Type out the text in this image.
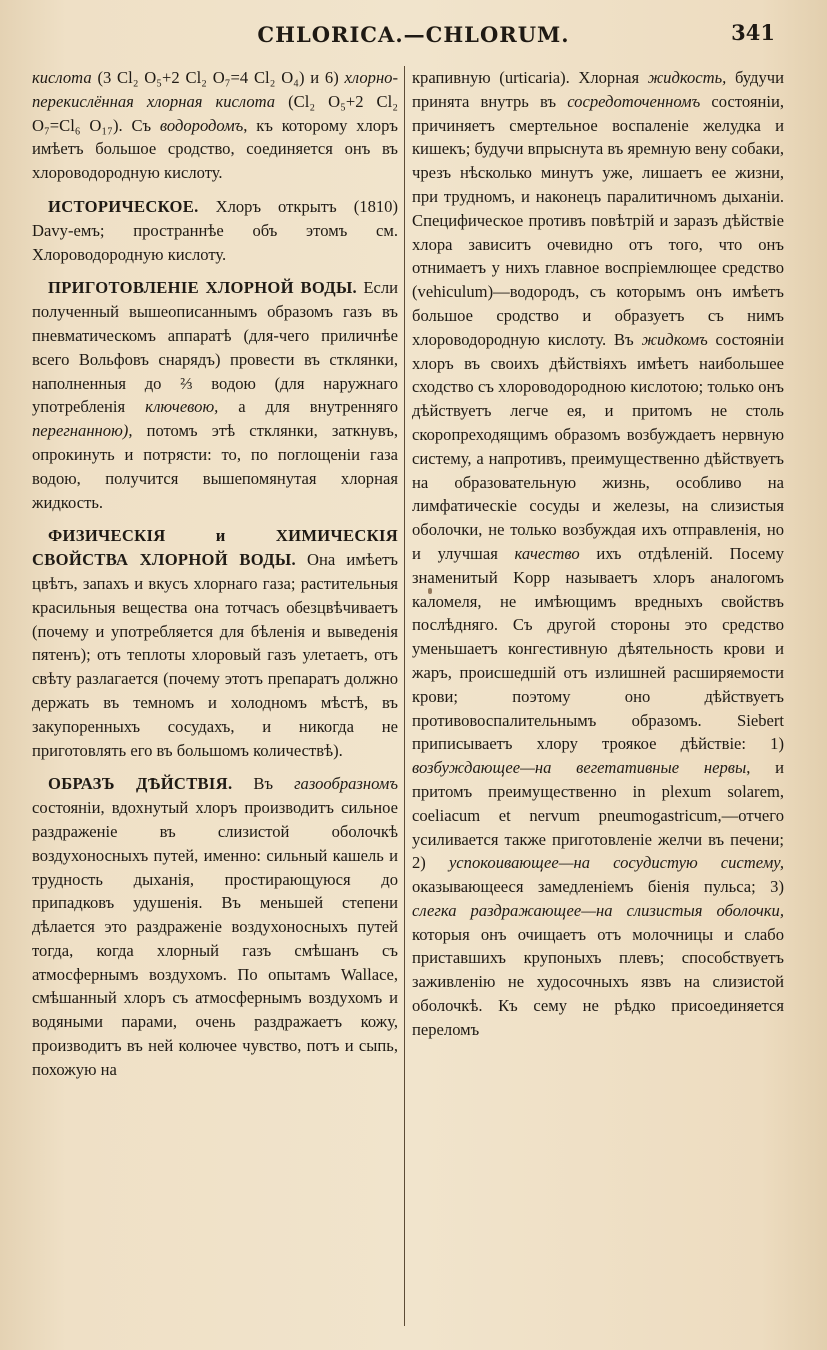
CHLORICA.—CHLORUM.	341

кислота (3 Cl₂ O₅+2 Cl₂ O₇=4 Cl₂ O₄) и 6) хлорно-перекислённая хлорная кислота (Cl₂ O₅+2 Cl₂ O₇=Cl₆ O₁₇). Съ водородомъ, къ которому хлоръ имѣетъ большое сродство, соединяется онъ въ хлороводородную кислоту.

ИСТОРИЧЕСКОЕ. Хлоръ открытъ (1810) Davy-емъ; пространнѣе объ этомъ см. Хлороводородную кислоту.

ПРИГОТОВЛЕНІЕ ХЛОРНОЙ ВОДЫ. Если полученный вышеописаннымъ образомъ газъ въ пневматическомъ аппаратѣ (для-чего приличнѣе всего Вольфовъ снарядъ) провести въ стклянки, наполненныя до ⅔ водою (для наружнаго употребленія ключевою, а для внутренняго перегнанною), потомъ этѣ стклянки, заткнувъ, опрокинуть и потрясти: то, по поглощеніи газа водою, получится вышепомянутая хлорная жидкость.

ФИЗИЧЕСКІЯ и ХИМИЧЕСКІЯ СВОЙСТВА ХЛОРНОЙ ВОДЫ. Она имѣетъ цвѣтъ, запахъ и вкусъ хлорнаго газа; растительныя красильныя вещества она тотчасъ обезцвѣчиваетъ (почему и употребляется для бѣленія и выведенія пятенъ); отъ теплоты хлоровый газъ улетаетъ, отъ свѣту разлагается (почему этотъ препаратъ должно держать въ темномъ и холодномъ мѣстѣ, въ закупоренныхъ сосудахъ, и никогда не приготовлять его въ большомъ количествѣ).

ОБРАЗЪ ДѢЙСТВІЯ. Въ газообразномъ состояніи, вдохнутый хлоръ производитъ сильное раздраженіе въ слизистой оболочкѣ воздухоносныхъ путей, именно: сильный кашель и трудность дыханія, простирающуюся до припадковъ удушенія. Въ меньшей степени дѣлается это раздраженіе воздухоносныхъ путей тогда, когда хлорный газъ смѣшанъ съ атмосфернымъ воздухомъ. По опытамъ Wallace, смѣшанный хлоръ съ атмосфернымъ воздухомъ и водяными парами, очень раздражаетъ кожу, производитъ въ ней колючее чувство, потъ и сыпь, похожую на

крапивную (urticaria). Хлорная жидкость, будучи принята внутрь въ сосредоточенномъ состояніи, причиняетъ смертельное воспаленіе желудка и кишекъ; будучи впрыснута въ яремную вену собаки, чрезъ нѣсколько минутъ уже, лишаетъ ее жизни, при трудномъ, и наконецъ паралитичномъ дыханіи. Специфическое противъ повѣтрій и заразъ дѣйствіе хлора зависитъ очевидно отъ того, что онъ отнимаетъ у нихъ главное воспріемлющее средство (vehiculum)—водородъ, съ которымъ онъ имѣетъ большое сродство и образуетъ съ нимъ хлороводородную кислоту. Въ жидкомъ состояніи хлоръ въ своихъ дѣйствіяхъ имѣетъ наибольшее сходство съ хлороводородною кислотою; только онъ дѣйствуетъ легче ея, и притомъ не столь скоропреходящимъ образомъ возбуждаетъ нервную систему, а напротивъ, преимущественно дѣйствуетъ на образовательную жизнь, особливо на лимфатическіе сосуды и железы, на слизистыя оболочки, не только возбуждая ихъ отправленія, но и улучшая качество ихъ отдѣленій. Посему знаменитый Kopp называетъ хлоръ аналогомъ каломеля, не имѣющимъ вредныхъ свойствъ послѣдняго. Съ другой стороны это средство уменьшаетъ конгестивную дѣятельность крови и жаръ, происшедшій отъ излишней расширяемости крови; поэтому оно дѣйствуетъ противовоспалительнымъ образомъ. Siebert приписываетъ хлору троякое дѣйствіе: 1) возбуждающее—на вегетативные нервы, и притомъ преимущественно in plexum solarem, coeliacum et nervum pneumogastricum,—отчего усиливается также приготовленіе желчи въ печени; 2) успокоивающее—на сосудистую систему, оказывающееся замедленіемъ біенія пульса; 3) слегка раздражающее—на слизистыя оболочки, которыя онъ очищаетъ отъ молочницы и слабо приставшихъ крупоныхъ плевъ; способствуетъ заживленію не худосочныхъ язвъ на слизистой оболочкѣ. Къ сему не рѣдко присоединяется переломъ
